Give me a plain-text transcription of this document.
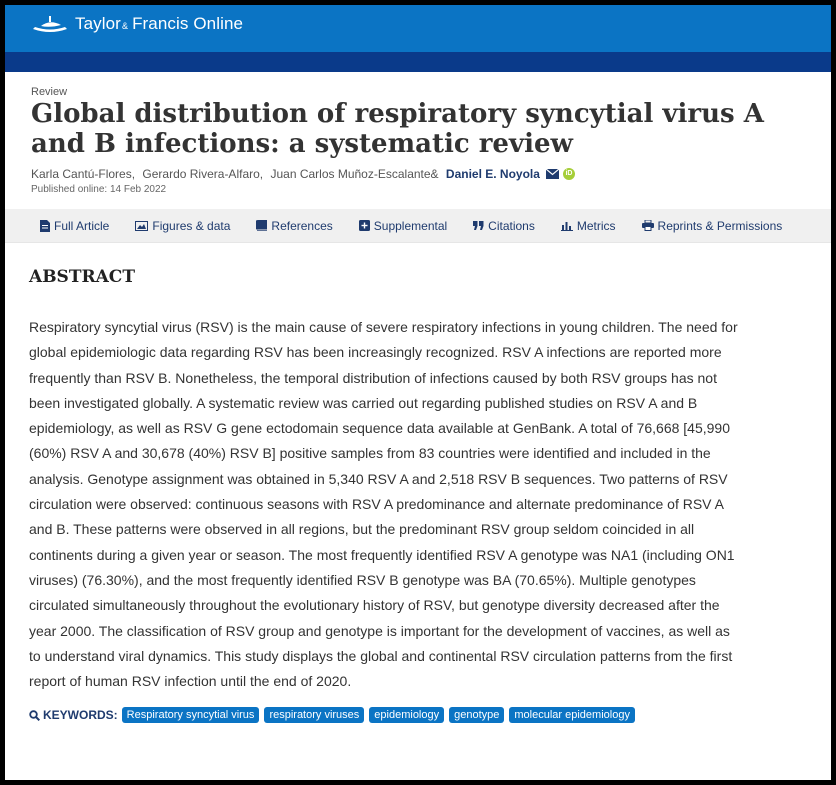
Taylor & Francis Online
Review
Global distribution of respiratory syncytial virus A and B infections: a systematic review
Karla Cantú-Flores ,
Gerardo Rivera-Alfaro ,
Juan Carlos Muñoz-Escalante &
Daniel E. Noyola	iD
Published online: 14 Feb 2022
Full Article	Figures & data	References	Supplemental	Citations	Metrics	Reprints & Permissions
ABSTRACT
Respiratory syncytial virus (RSV) is the main cause of severe respiratory infections in young children. The need for global epidemiologic data regarding RSV has been increasingly recognized. RSV A infections are reported more frequently than RSV B. Nonetheless, the temporal distribution of infections caused by both RSV groups has not been investigated globally. A systematic review was carried out regarding published studies on RSV A and B epidemiology, as well as RSV G gene ectodomain sequence data available at GenBank. A total of 76,668 [45,990 (60%) RSV A and 30,678 (40%) RSV B] positive samples from 83 countries were identified and included in the analysis. Genotype assignment was obtained in 5,340 RSV A and 2,518 RSV B sequences. Two patterns of RSV circulation were observed: continuous seasons with RSV A predominance and alternate predominance of RSV A and B. These patterns were observed in all regions, but the predominant RSV group seldom coincided in all continents during a given year or season. The most frequently identified RSV A genotype was NA1 (including ON1 viruses) (76.30%), and the most frequently identified RSV B genotype was BA (70.65%). Multiple genotypes circulated simultaneously throughout the evolutionary history of RSV, but genotype diversity decreased after the year 2000. The classification of RSV group and genotype is important for the development of vaccines, as well as to understand viral dynamics. This study displays the global and continental RSV circulation patterns from the first report of human RSV infection until the end of 2020.
KEYWORDS: Respiratory syncytial virus	respiratory viruses	epidemiology	genotype	molecular epidemiology
